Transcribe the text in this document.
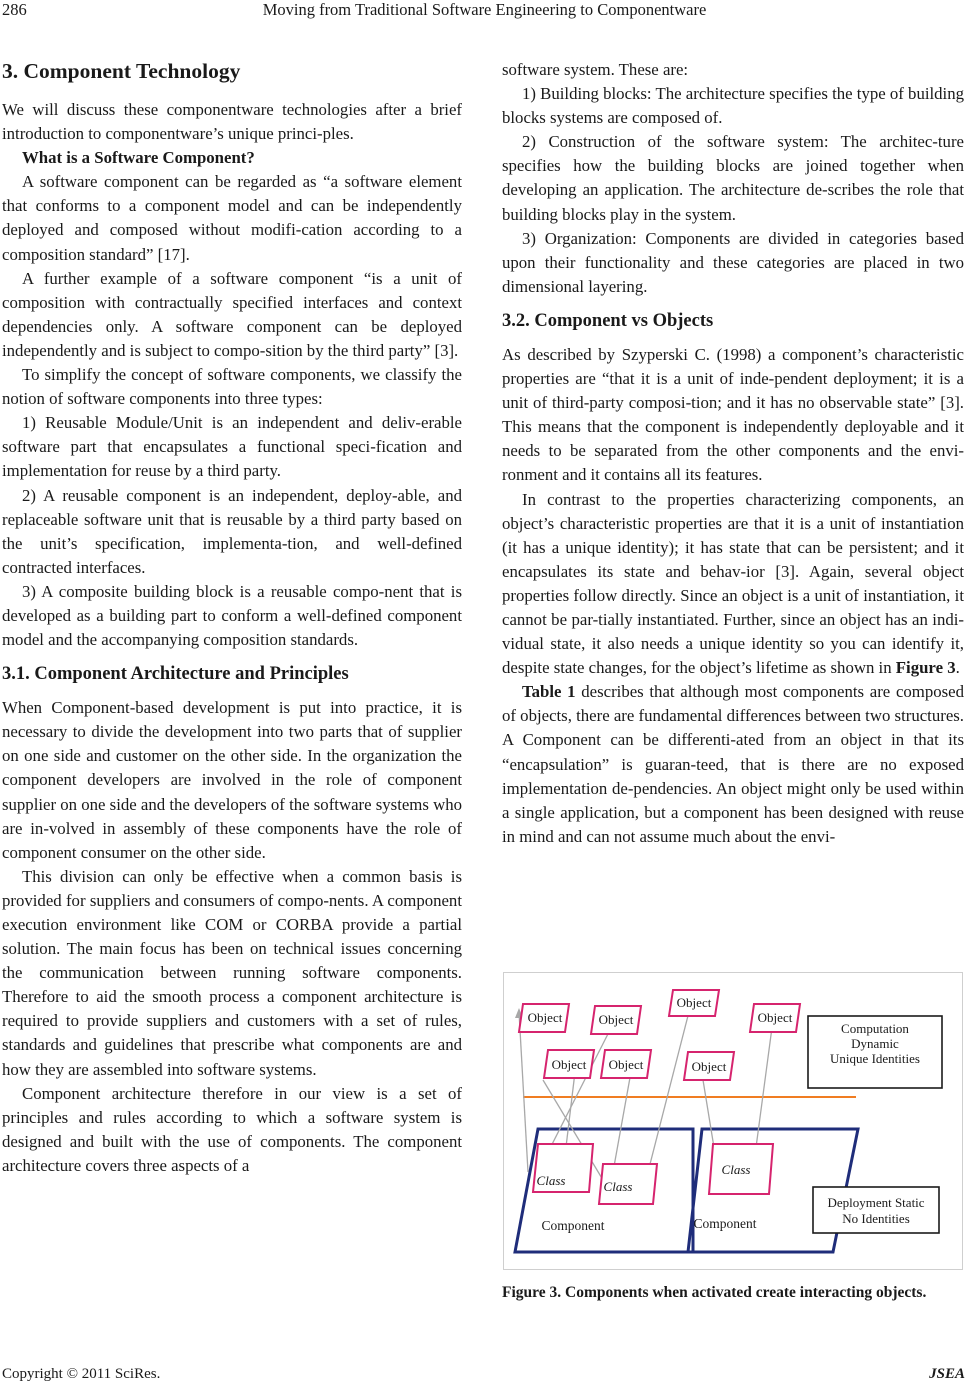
286	Moving from Traditional Software Engineering to Componentware
3. Component Technology

We will discuss these componentware technologies after a brief introduction to componentware’s unique princi-ples.

What is a Software Component?

A software component can be regarded as “a software element that conforms to a component model and can be independently deployed and composed without modifi-cation according to a composition standard” [17].

A further example of a software component “is a unit of composition with contractually specified interfaces and context dependencies only. A software component can be deployed independently and is subject to compo-sition by the third party” [3].

To simplify the concept of software components, we classify the notion of software components into three types:

1) Reusable Module/Unit is an independent and deliv-erable software part that encapsulates a functional speci-fication and implementation for reuse by a third party.

2) A reusable component is an independent, deploy-able, and replaceable software unit that is reusable by a third party based on the unit’s specification, implementa-tion, and well-defined contracted interfaces.

3) A composite building block is a reusable compo-nent that is developed as a building part to conform a well-defined component model and the accompanying composition standards.

3.1. Component Architecture and Principles

When Component-based development is put into practice, it is necessary to divide the development into two parts that of supplier on one side and customer on the other side. In the organization the component developers are involved in the role of component supplier on one side and the developers of the software systems who are in-volved in assembly of these components have the role of component consumer on the other side.

This division can only be effective when a common basis is provided for suppliers and consumers of compo-nents. A component execution environment like COM or CORBA provide a partial solution. The main focus has been on technical issues concerning the communication between running software components. Therefore to aid the smooth process a component architecture is required to provide suppliers and customers with a set of rules, standards and guidelines that prescribe what components are and how they are assembled into software systems.

Component architecture therefore in our view is a set of principles and rules according to which a software system is designed and built with the use of components. The component architecture covers three aspects of a

software system. These are:

1) Building blocks: The architecture specifies the type of building blocks systems are composed of.

2) Construction of the software system: The architec-ture specifies how the building blocks are joined together when developing an application. The architecture de-scribes the role that building blocks play in the system.

3) Organization: Components are divided in categories based upon their functionality and these categories are placed in two dimensional layering.

3.2. Component vs Objects

As described by Szyperski C. (1998) a component’s characteristic properties are “that it is a unit of inde-pendent deployment; it is a unit of third-party composi-tion; and it has no observable state” [3]. This means that the component is independently deployable and it needs to be separated from the other components and the envi-ronment and it contains all its features.

In contrast to the properties characterizing components, an object’s characteristic properties are that it is a unit of instantiation (it has a unique identity); it has state that can be persistent; and it encapsulates its state and behav-ior [3]. Again, several object properties follow directly. Since an object is a unit of instantiation, it cannot be par-tially instantiated. Further, since an object has an indi-vidual state, it also needs a unique identity so you can identify it, despite state changes, for the object’s lifetime as shown in Figure 3.

Table 1 describes that although most components are composed of objects, there are fundamental differences between two structures. A Component can be differenti-ated from an object in that its “encapsulation” is guaran-teed, that is there are no exposed implementation de-pendencies. An object might only be used within a single application, but a component has been designed with reuse in mind and can not assume much about the envi-

Object	Object
Object
Object
Object Object	Object
Class	Class
Class
Component	Component
Computation
Dynamic
Unique Identities
Deployment Static
No Identities
Figure 3. Components when activated create interacting objects.
Copyright © 2011 SciRes.	JSEA
